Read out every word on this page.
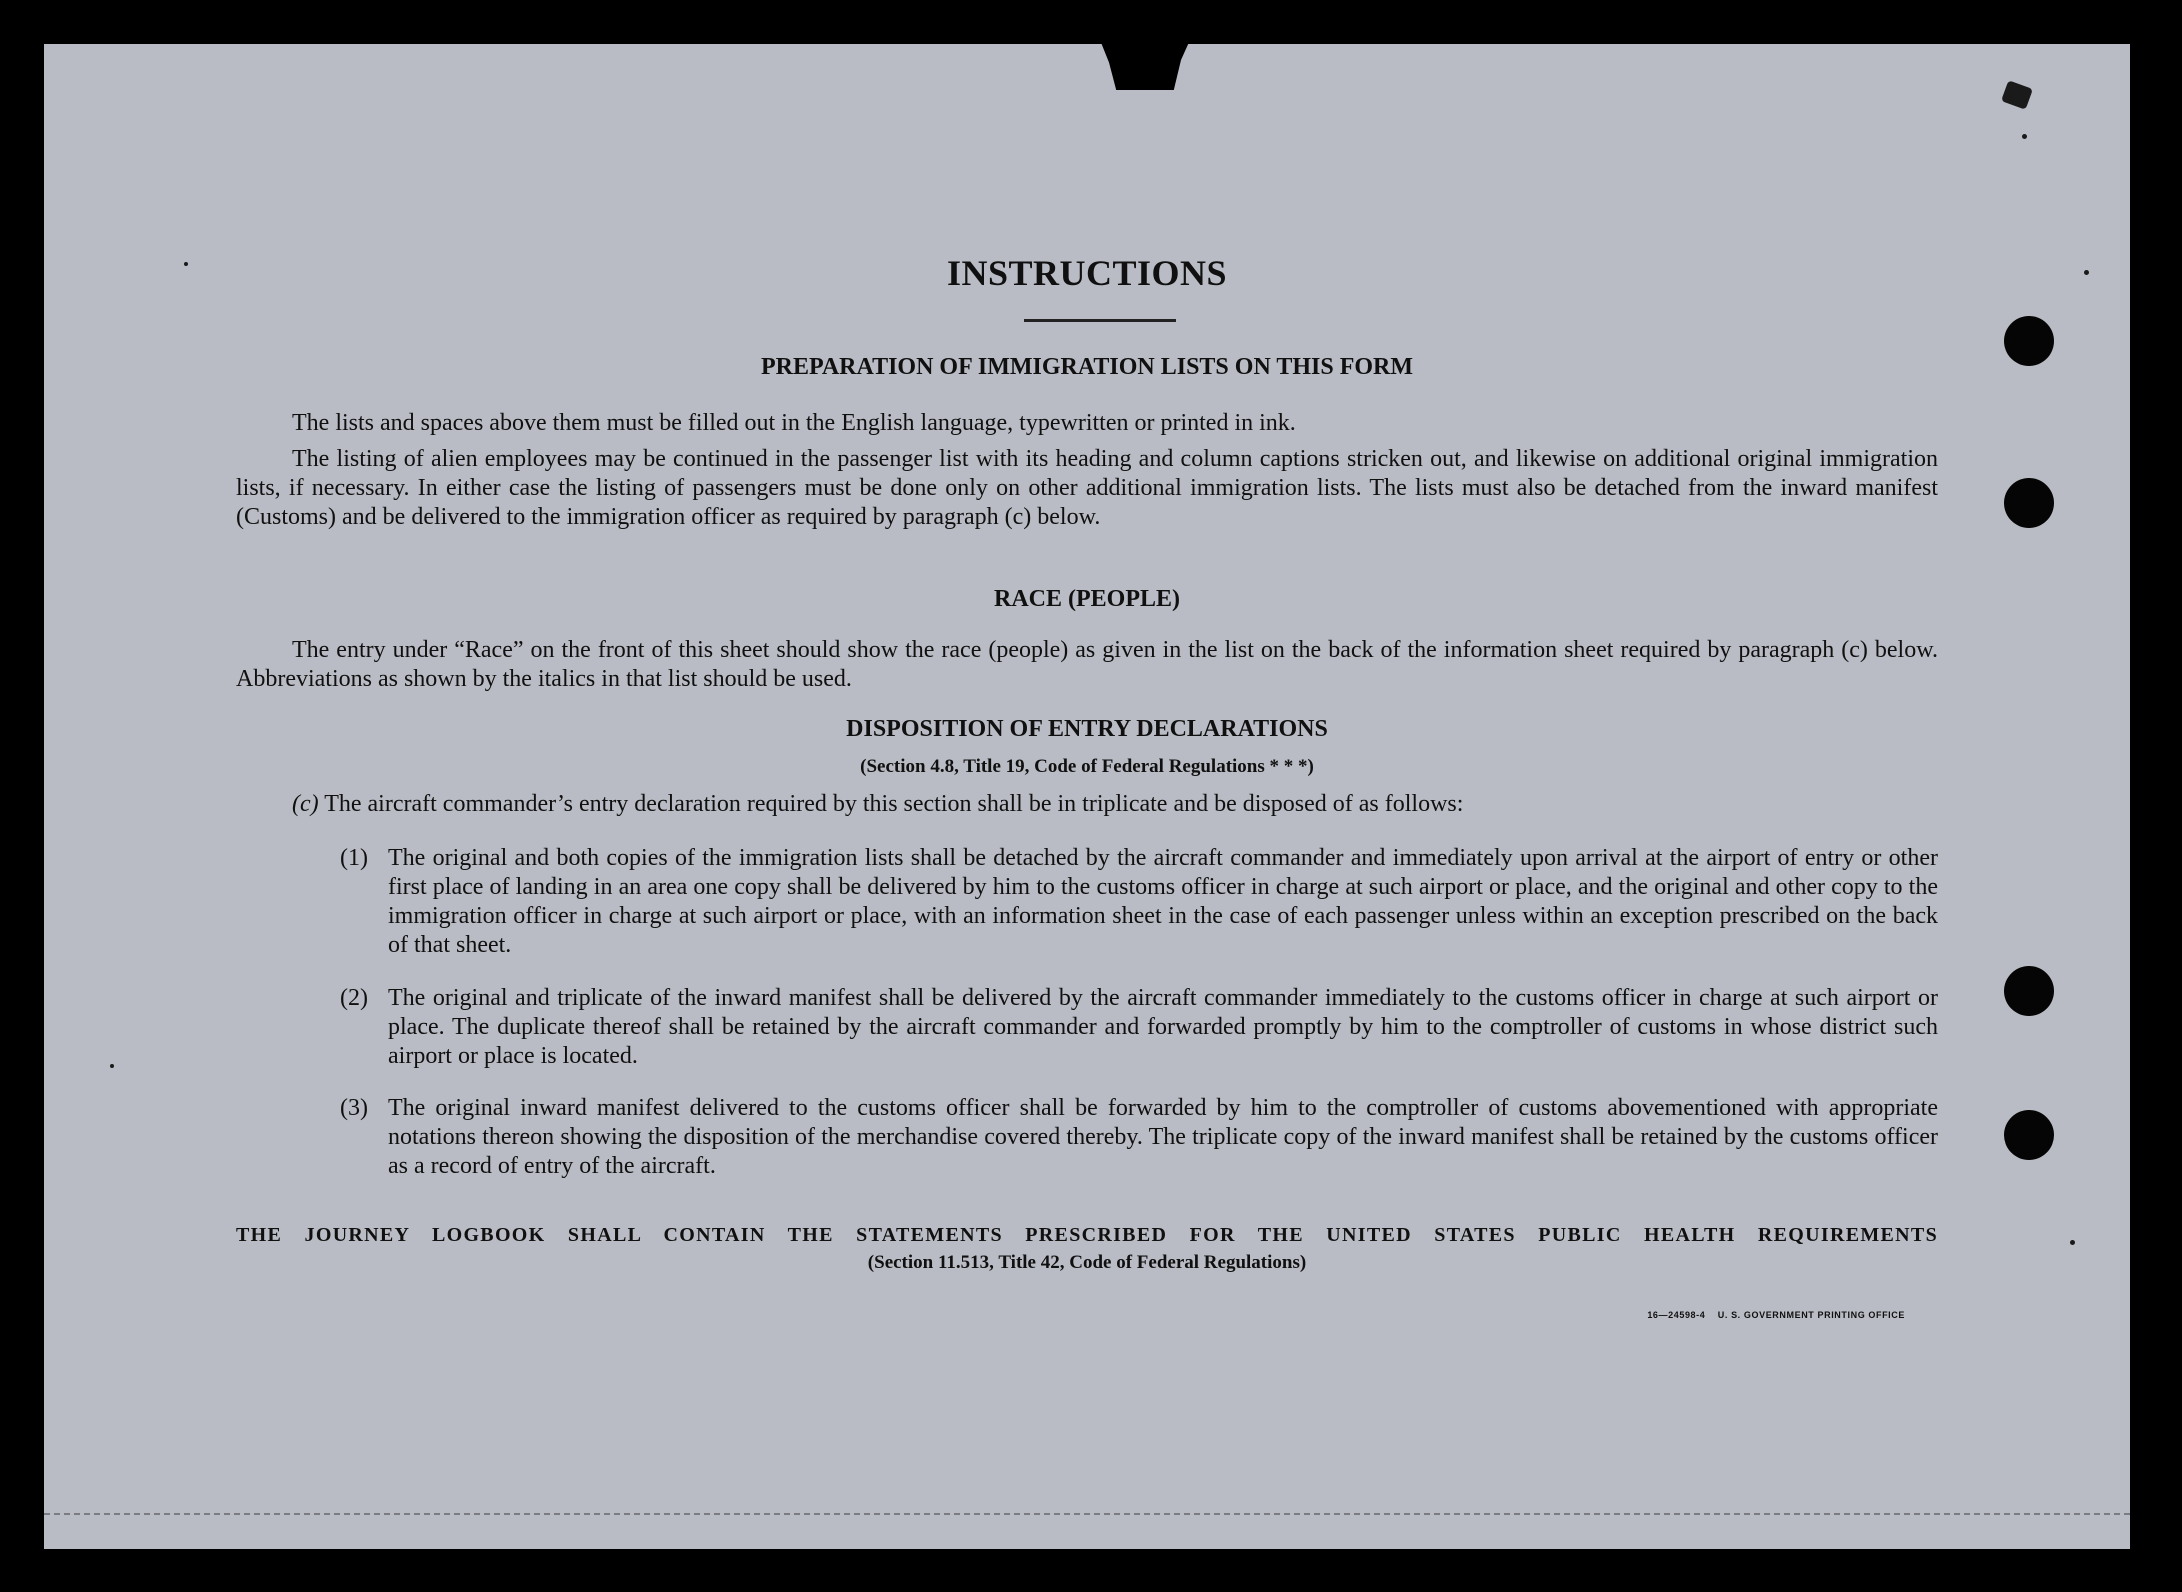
INSTRUCTIONS
PREPARATION OF IMMIGRATION LISTS ON THIS FORM

The lists and spaces above them must be filled out in the English language, typewritten or printed in ink.

The listing of alien employees may be continued in the passenger list with its heading and column captions stricken out, and likewise on additional original immigration lists, if necessary. In either case the listing of passengers must be done only on other additional immigration lists. The lists must also be detached from the inward manifest (Customs) and be delivered to the immigration officer as required by paragraph (c) below.

RACE (PEOPLE)

The entry under “Race” on the front of this sheet should show the race (people) as given in the list on the back of the information sheet required by paragraph (c) below. Abbreviations as shown by the italics in that list should be used.

DISPOSITION OF ENTRY DECLARATIONS
(Section 4.8, Title 19, Code of Federal Regulations * * *)
(c) The aircraft commander’s entry declaration required by this section shall be in triplicate and be disposed of as follows:
(1) The original and both copies of the immigration lists shall be detached by the aircraft commander and immediately upon arrival at the airport of entry or other first place of landing in an area one copy shall be delivered by him to the customs officer in charge at such airport or place, and the original and other copy to the immigration officer in charge at such airport or place, with an information sheet in the case of each passenger unless within an exception prescribed on the back of that sheet.
(2) The original and triplicate of the inward manifest shall be delivered by the aircraft commander immediately to the customs officer in charge at such airport or place. The duplicate thereof shall be retained by the aircraft commander and forwarded promptly by him to the comptroller of customs in whose district such airport or place is located.
(3) The original inward manifest delivered to the customs officer shall be forwarded by him to the comptroller of customs abovementioned with appropriate notations thereon showing the disposition of the merchandise covered thereby. The triplicate copy of the inward manifest shall be retained by the customs officer as a record of entry of the aircraft.
THE JOURNEY LOGBOOK SHALL CONTAIN THE STATEMENTS PRESCRIBED FOR THE UNITED STATES PUBLIC HEALTH REQUIREMENTS
(Section 11.513, Title 42, Code of Federal Regulations)
16—24598-4 U. S. GOVERNMENT PRINTING OFFICE
